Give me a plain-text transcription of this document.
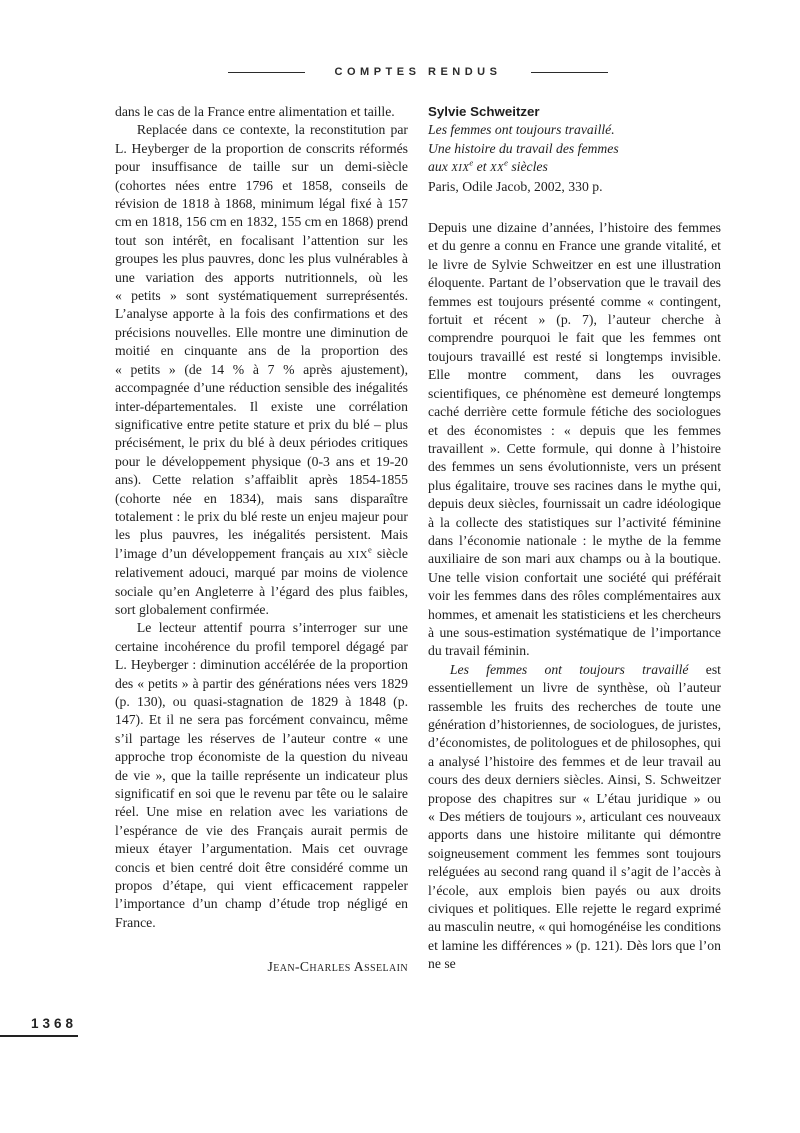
COMPTES RENDUS

dans le cas de la France entre alimentation et taille.

Replacée dans ce contexte, la reconstitution par L. Heyberger de la proportion de conscrits réformés pour insuffisance de taille sur un demi-siècle (cohortes nées entre 1796 et 1858, conseils de révision de 1818 à 1868, minimum légal fixé à 157 cm en 1818, 156 cm en 1832, 155 cm en 1868) prend tout son intérêt, en focalisant l’attention sur les groupes les plus pauvres, donc les plus vulnérables à une variation des apports nutritionnels, où les « petits » sont systématiquement surreprésentés. L’analyse apporte à la fois des confirmations et des précisions nouvelles. Elle montre une diminution de moitié en cinquante ans de la proportion des « petits » (de 14 % à 7 % après ajustement), accompagnée d’une réduction sensible des inégalités inter-départementales. Il existe une corrélation significative entre petite stature et prix du blé – plus précisément, le prix du blé à deux périodes critiques pour le développement physique (0-3 ans et 19-20 ans). Cette relation s’affaiblit après 1854-1855 (cohorte née en 1834), mais sans disparaître totalement : le prix du blé reste un enjeu majeur pour les plus pauvres, les inégalités persistent. Mais l’image d’un développement français au XIXe siècle relativement adouci, marqué par moins de violence sociale qu’en Angleterre à l’égard des plus faibles, sort globalement confirmée.

Le lecteur attentif pourra s’interroger sur une certaine incohérence du profil temporel dégagé par L. Heyberger : diminution accélérée de la proportion des « petits » à partir des générations nées vers 1829 (p. 130), ou quasi-stagnation de 1829 à 1848 (p. 147). Et il ne sera pas forcément convaincu, même s’il partage les réserves de l’auteur contre « une approche trop économiste de la question du niveau de vie », que la taille représente un indicateur plus significatif en soi que le revenu par tête ou le salaire réel. Une mise en relation avec les variations de l’espérance de vie des Français aurait permis de mieux étayer l’argumentation. Mais cet ouvrage concis et bien centré doit être considéré comme un propos d’étape, qui vient efficacement rappeler l’importance d’un champ d’étude trop négligé en France.

Jean-Charles Asselain

Sylvie Schweitzer
Les femmes ont toujours travaillé.
Une histoire du travail des femmes
aux XIXe et XXe siècles
Paris, Odile Jacob, 2002, 330 p.

Depuis une dizaine d’années, l’histoire des femmes et du genre a connu en France une grande vitalité, et le livre de Sylvie Schweitzer en est une illustration éloquente. Partant de l’observation que le travail des femmes est toujours présenté comme « contingent, fortuit et récent » (p. 7), l’auteur cherche à comprendre pourquoi le fait que les femmes ont toujours travaillé est resté si longtemps invisible. Elle montre comment, dans les ouvrages scientifiques, ce phénomène est demeuré longtemps caché derrière cette formule fétiche des sociologues et des économistes : « depuis que les femmes travaillent ». Cette formule, qui donne à l’histoire des femmes un sens évolutionniste, vers un présent plus égalitaire, trouve ses racines dans le mythe qui, depuis deux siècles, fournissait un cadre idéologique à la collecte des statistiques sur l’activité féminine dans l’économie nationale : le mythe de la femme auxiliaire de son mari aux champs ou à la boutique. Une telle vision confortait une société qui préférait voir les femmes dans des rôles complémentaires aux hommes, et amenait les statisticiens et les chercheurs à une sous-estimation systématique de l’importance du travail féminin.

Les femmes ont toujours travaillé est essentiellement un livre de synthèse, où l’auteur rassemble les fruits des recherches de toute une génération d’historiennes, de sociologues, de juristes, d’économistes, de politologues et de philosophes, qui a analysé l’histoire des femmes et de leur travail au cours des deux derniers siècles. Ainsi, S. Schweitzer propose des chapitres sur « L’étau juridique » ou « Des métiers de toujours », articulant ces nouveaux apports dans une histoire militante qui démontre soigneusement comment les femmes sont toujours reléguées au second rang quand il s’agit de l’accès à l’école, aux emplois bien payés ou aux droits civiques et politiques. Elle rejette le regard exprimé au masculin neutre, « qui homogénéise les conditions et lamine les différences » (p. 121). Dès lors que l’on ne se

1368
